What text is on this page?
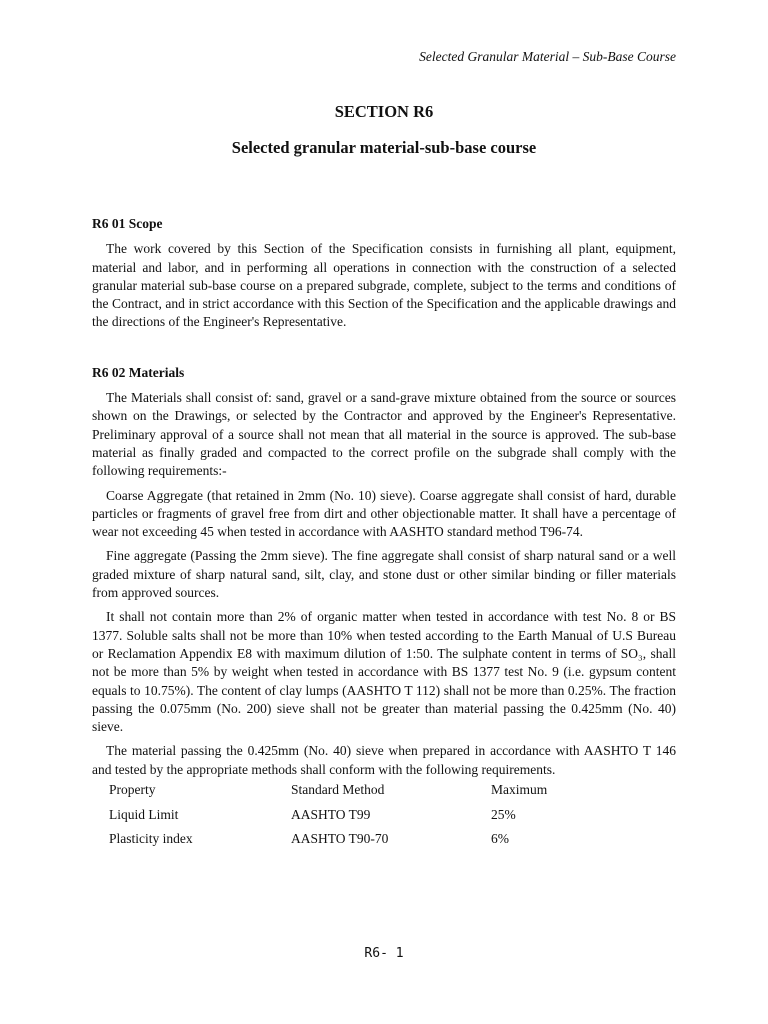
Selected Granular Material – Sub-Base Course
SECTION R6
Selected granular material-sub-base course
R6 01 Scope

The work covered by this Section of the Specification consists in furnishing all plant, equipment, material and labor, and in performing all operations in connection with the construction of a selected granular material sub-base course on a prepared subgrade, complete, subject to the terms and conditions of the Contract, and in strict accordance with this Section of the Specification and the applicable drawings and the directions of the Engineer's Representative.

R6 02 Materials

The Materials shall consist of: sand, gravel or a sand-grave mixture obtained from the source or sources shown on the Drawings, or selected by the Contractor and approved by the Engineer's Representative. Preliminary approval of a source shall not mean that all material in the source is approved. The sub-base material as finally graded and compacted to the correct profile on the subgrade shall comply with the following requirements:-

Coarse Aggregate (that retained in 2mm (No. 10) sieve). Coarse aggregate shall consist of hard, durable particles or fragments of gravel free from dirt and other objectionable matter. It shall have a percentage of wear not exceeding 45 when tested in accordance with AASHTO standard method T96-74.

Fine aggregate (Passing the 2mm sieve). The fine aggregate shall consist of sharp natural sand or a well graded mixture of sharp natural sand, silt, clay, and stone dust or other similar binding or filler materials from approved sources.

It shall not contain more than 2% of organic matter when tested in accordance with test No. 8 or BS 1377. Soluble salts shall not be more than 10% when tested according to the Earth Manual of U.S Bureau or Reclamation Appendix E8 with maximum dilution of 1:50. The sulphate content in terms of SO₃, shall not be more than 5% by weight when tested in accordance with BS 1377 test No. 9 (i.e. gypsum content equals to 10.75%). The content of clay lumps (AASHTO T 112) shall not be more than 0.25%. The fraction passing the 0.075mm (No. 200) sieve shall not be greater than material passing the 0.425mm (No. 40) sieve.

The material passing the 0.425mm (No. 40) sieve when prepared in accordance with AASHTO T 146 and tested by the appropriate methods shall conform with the following requirements.

Property	Standard Method	Maximum
Liquid Limit	AASHTO T99	25%
Plasticity index	AASHTO T90-70	6%
R6- 1
